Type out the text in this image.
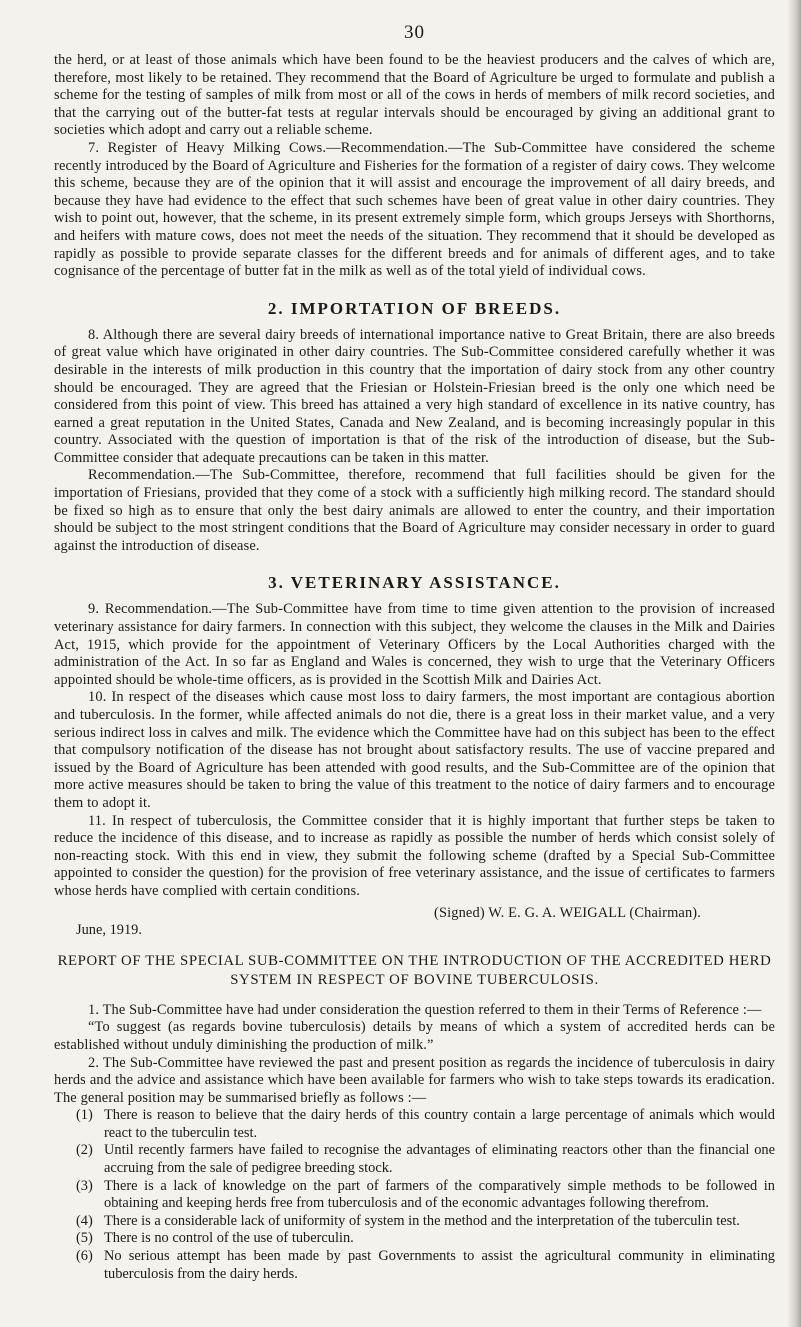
30

the herd, or at least of those animals which have been found to be the heaviest producers and the calves of which are, therefore, most likely to be retained. They recommend that the Board of Agriculture be urged to formulate and publish a scheme for the testing of samples of milk from most or all of the cows in herds of members of milk record societies, and that the carrying out of the butter-fat tests at regular intervals should be encouraged by giving an additional grant to societies which adopt and carry out a reliable scheme.

7. Register of Heavy Milking Cows.—Recommendation.—The Sub-Committee have considered the scheme recently introduced by the Board of Agriculture and Fisheries for the formation of a register of dairy cows. They welcome this scheme, because they are of the opinion that it will assist and encourage the improvement of all dairy breeds, and because they have had evidence to the effect that such schemes have been of great value in other dairy countries. They wish to point out, however, that the scheme, in its present extremely simple form, which groups Jerseys with Shorthorns, and heifers with mature cows, does not meet the needs of the situation. They recommend that it should be developed as rapidly as possible to provide separate classes for the different breeds and for animals of different ages, and to take cognisance of the percentage of butter fat in the milk as well as of the total yield of individual cows.

2. IMPORTATION OF BREEDS.

8. Although there are several dairy breeds of international importance native to Great Britain, there are also breeds of great value which have originated in other dairy countries. The Sub-Committee considered carefully whether it was desirable in the interests of milk production in this country that the importation of dairy stock from any other country should be encouraged. They are agreed that the Friesian or Holstein-Friesian breed is the only one which need be considered from this point of view. This breed has attained a very high standard of excellence in its native country, has earned a great reputation in the United States, Canada and New Zealand, and is becoming increasingly popular in this country. Associated with the question of importation is that of the risk of the introduction of disease, but the Sub-Committee consider that adequate precautions can be taken in this matter.

Recommendation.—The Sub-Committee, therefore, recommend that full facilities should be given for the importation of Friesians, provided that they come of a stock with a sufficiently high milking record. The standard should be fixed so high as to ensure that only the best dairy animals are allowed to enter the country, and their importation should be subject to the most stringent conditions that the Board of Agriculture may consider necessary in order to guard against the introduction of disease.

3. VETERINARY ASSISTANCE.

9. Recommendation.—The Sub-Committee have from time to time given attention to the provision of increased veterinary assistance for dairy farmers. In connection with this subject, they welcome the clauses in the Milk and Dairies Act, 1915, which provide for the appointment of Veterinary Officers by the Local Authorities charged with the administration of the Act. In so far as England and Wales is concerned, they wish to urge that the Veterinary Officers appointed should be whole-time officers, as is provided in the Scottish Milk and Dairies Act.

10. In respect of the diseases which cause most loss to dairy farmers, the most important are contagious abortion and tuberculosis. In the former, while affected animals do not die, there is a great loss in their market value, and a very serious indirect loss in calves and milk. The evidence which the Committee have had on this subject has been to the effect that compulsory notification of the disease has not brought about satisfactory results. The use of vaccine prepared and issued by the Board of Agriculture has been attended with good results, and the Sub-Committee are of the opinion that more active measures should be taken to bring the value of this treatment to the notice of dairy farmers and to encourage them to adopt it.

11. In respect of tuberculosis, the Committee consider that it is highly important that further steps be taken to reduce the incidence of this disease, and to increase as rapidly as possible the number of herds which consist solely of non-reacting stock. With this end in view, they submit the following scheme (drafted by a Special Sub-Committee appointed to consider the question) for the provision of free veterinary assistance, and the issue of certificates to farmers whose herds have complied with certain conditions.

(Signed) W. E. G. A. WEIGALL (Chairman).

June, 1919.
REPORT OF THE SPECIAL SUB-COMMITTEE ON THE INTRODUCTION OF THE ACCREDITED HERD SYSTEM IN RESPECT OF BOVINE TUBERCULOSIS.

1. The Sub-Committee have had under consideration the question referred to them in their Terms of Reference :—

“To suggest (as regards bovine tuberculosis) details by means of which a system of accredited herds can be established without unduly diminishing the production of milk.”

2. The Sub-Committee have reviewed the past and present position as regards the incidence of tuberculosis in dairy herds and the advice and assistance which have been available for farmers who wish to take steps towards its eradication. The general position may be summarised briefly as follows :—

(1) There is reason to believe that the dairy herds of this country contain a large percentage of animals which would react to the tuberculin test.
(2) Until recently farmers have failed to recognise the advantages of eliminating reactors other than the financial one accruing from the sale of pedigree breeding stock.
(3) There is a lack of knowledge on the part of farmers of the comparatively simple methods to be followed in obtaining and keeping herds free from tuberculosis and of the economic advantages following therefrom.
(4) There is a considerable lack of uniformity of system in the method and the interpretation of the tuberculin test.
(5) There is no control of the use of tuberculin.
(6) No serious attempt has been made by past Governments to assist the agricultural community in eliminating tuberculosis from the dairy herds.
